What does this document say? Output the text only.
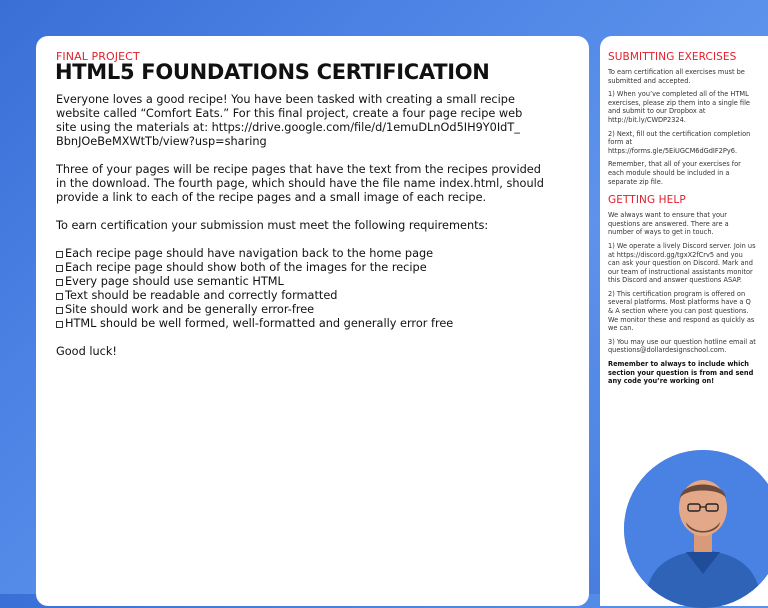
FINAL PROJECT
HTML5 FOUNDATIONS CERTIFICATION

Everyone loves a good recipe! You have been tasked with creating a small recipe

website called “Comfort Eats.” For this final project, create a four page recipe web

site using the materials at: https://drive.google.com/file/d/1emuDLnOd5IH9Y0IdT_

BbnJOeBeMXWtTb/view?usp=sharing

Three of your pages will be recipe pages that have the text from the recipes provided

in the download. The fourth page, which should have the file name index.html, should

provide a link to each of the recipe pages and a small image of each recipe.

To earn certification your submission must meet the following requirements:

Each recipe page should have navigation back to the home page
Each recipe page should show both of the images for the recipe
Every page should use semantic HTML
Text should be readable and correctly formatted
Site should work and be generally error-free
HTML should be well formed, well-formatted and generally error free

Good luck!

SUBMITTING EXERCISES

To earn certification all exercises must be submitted and accepted.

1) When you’ve completed all of the HTML exercises, please zip them into a single file and submit to our Dropbox at http://bit.ly/CWDP2324.

2) Next, fill out the certification completion form at https://forms.gle/5EiUGCM6dGdIF2Py6.

Remember, that all of your exercises for each module should be included in a separate zip file.

GETTING HELP

We always want to ensure that your questions are answered. There are a number of ways to get in touch.

1) We operate a lively Discord server. Join us at https://discord.gg/tgxX2fCrv5 and you can ask your question on Discord. Mark and our team of instructional assistants monitor this Discord and answer questions ASAP.

2) This certification program is offered on several platforms. Most platforms have a Q & A section where you can post questions. We monitor these and respond as quickly as we can.

3) You may use our question hotline email at questions@dollardesignschool.com.

Remember to always to include which section your question is from and send any code you’re working on!
